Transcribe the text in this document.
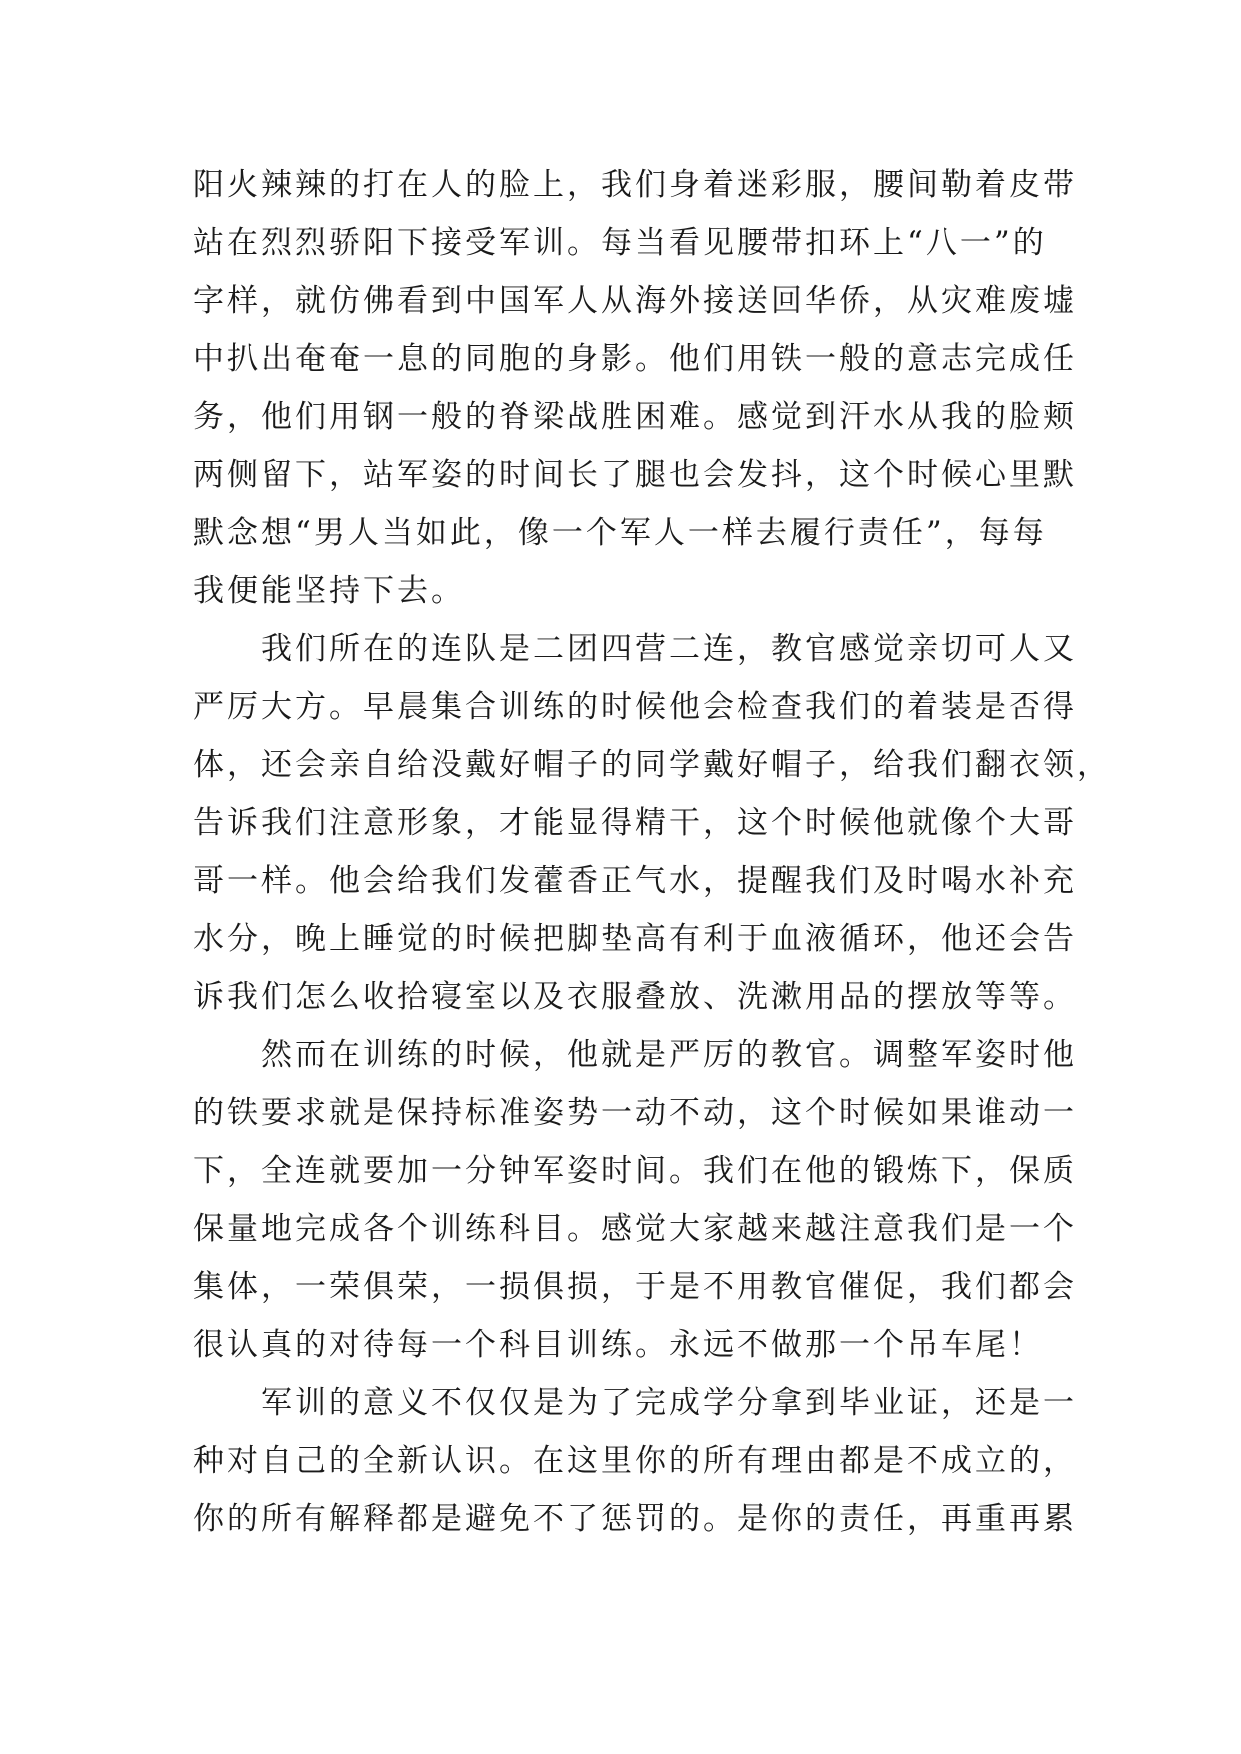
阳火辣辣的打在人的脸上，我们身着迷彩服，腰间勒着皮带
站在烈烈骄阳下接受军训。每当看见腰带扣环上“八一”的
字样，就仿佛看到中国军人从海外接送回华侨，从灾难废墟
中扒出奄奄一息的同胞的身影。他们用铁一般的意志完成任
务，他们用钢一般的脊梁战胜困难。感觉到汗水从我的脸颊
两侧留下，站军姿的时间长了腿也会发抖，这个时候心里默
默念想“男人当如此，像一个军人一样去履行责任”，每每
我便能坚持下去。
我们所在的连队是二团四营二连，教官感觉亲切可人又
严厉大方。早晨集合训练的时候他会检查我们的着装是否得
体，还会亲自给没戴好帽子的同学戴好帽子，给我们翻衣领，
告诉我们注意形象，才能显得精干，这个时候他就像个大哥
哥一样。他会给我们发藿香正气水，提醒我们及时喝水补充
水分，晚上睡觉的时候把脚垫高有利于血液循环，他还会告
诉我们怎么收拾寝室以及衣服叠放、洗漱用品的摆放等等。
然而在训练的时候，他就是严厉的教官。调整军姿时他
的铁要求就是保持标准姿势一动不动，这个时候如果谁动一
下，全连就要加一分钟军姿时间。我们在他的锻炼下，保质
保量地完成各个训练科目。感觉大家越来越注意我们是一个
集体，一荣俱荣，一损俱损，于是不用教官催促，我们都会
很认真的对待每一个科目训练。永远不做那一个吊车尾！
军训的意义不仅仅是为了完成学分拿到毕业证，还是一
种对自己的全新认识。在这里你的所有理由都是不成立的，
你的所有解释都是避免不了惩罚的。是你的责任，再重再累
